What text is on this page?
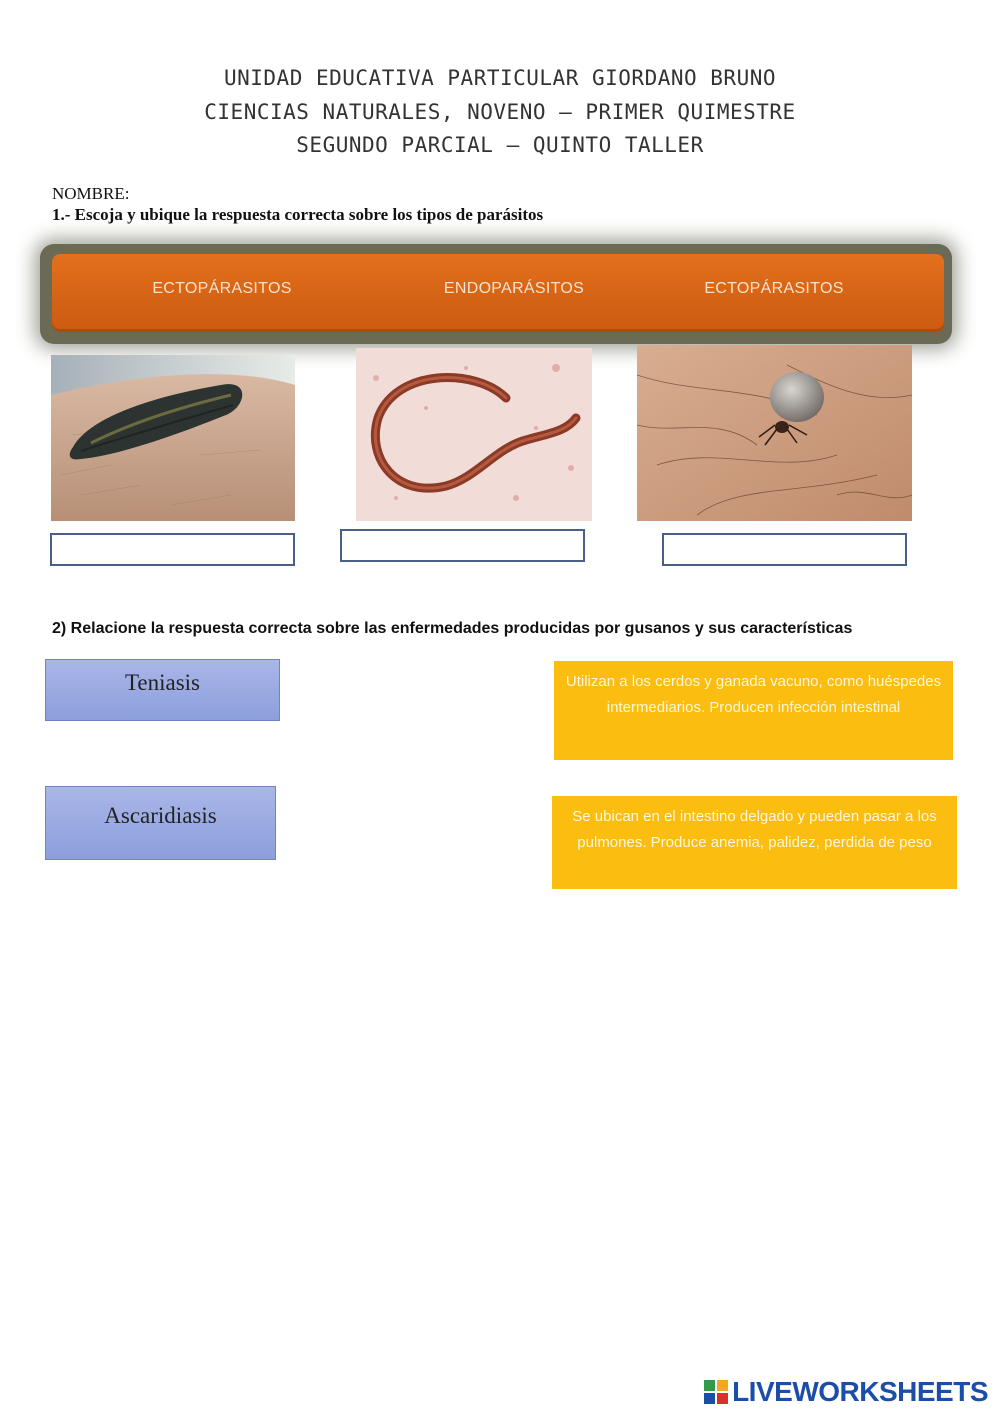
UNIDAD EDUCATIVA PARTICULAR GIORDANO BRUNO
CIENCIAS NATURALES, NOVENO – PRIMER QUIMESTRE
SEGUNDO PARCIAL – QUINTO TALLER
NOMBRE:
1.- Escoja y ubique la respuesta correcta sobre los tipos de parásitos
ECTOPÁRASITOS	ENDOPARÁSITOS	ECTOPÁRASITOS
2) Relacione la respuesta correcta sobre las enfermedades producidas por gusanos y sus características
Teniasis
Ascaridiasis
Utilizan a los cerdos y ganada vacuno, como huéspedes intermediarios. Producen infección intestinal
Se ubican en el intestino delgado y pueden pasar a los pulmones. Produce anemia, palidez, perdida de peso
LIVEWORKSHEETS
